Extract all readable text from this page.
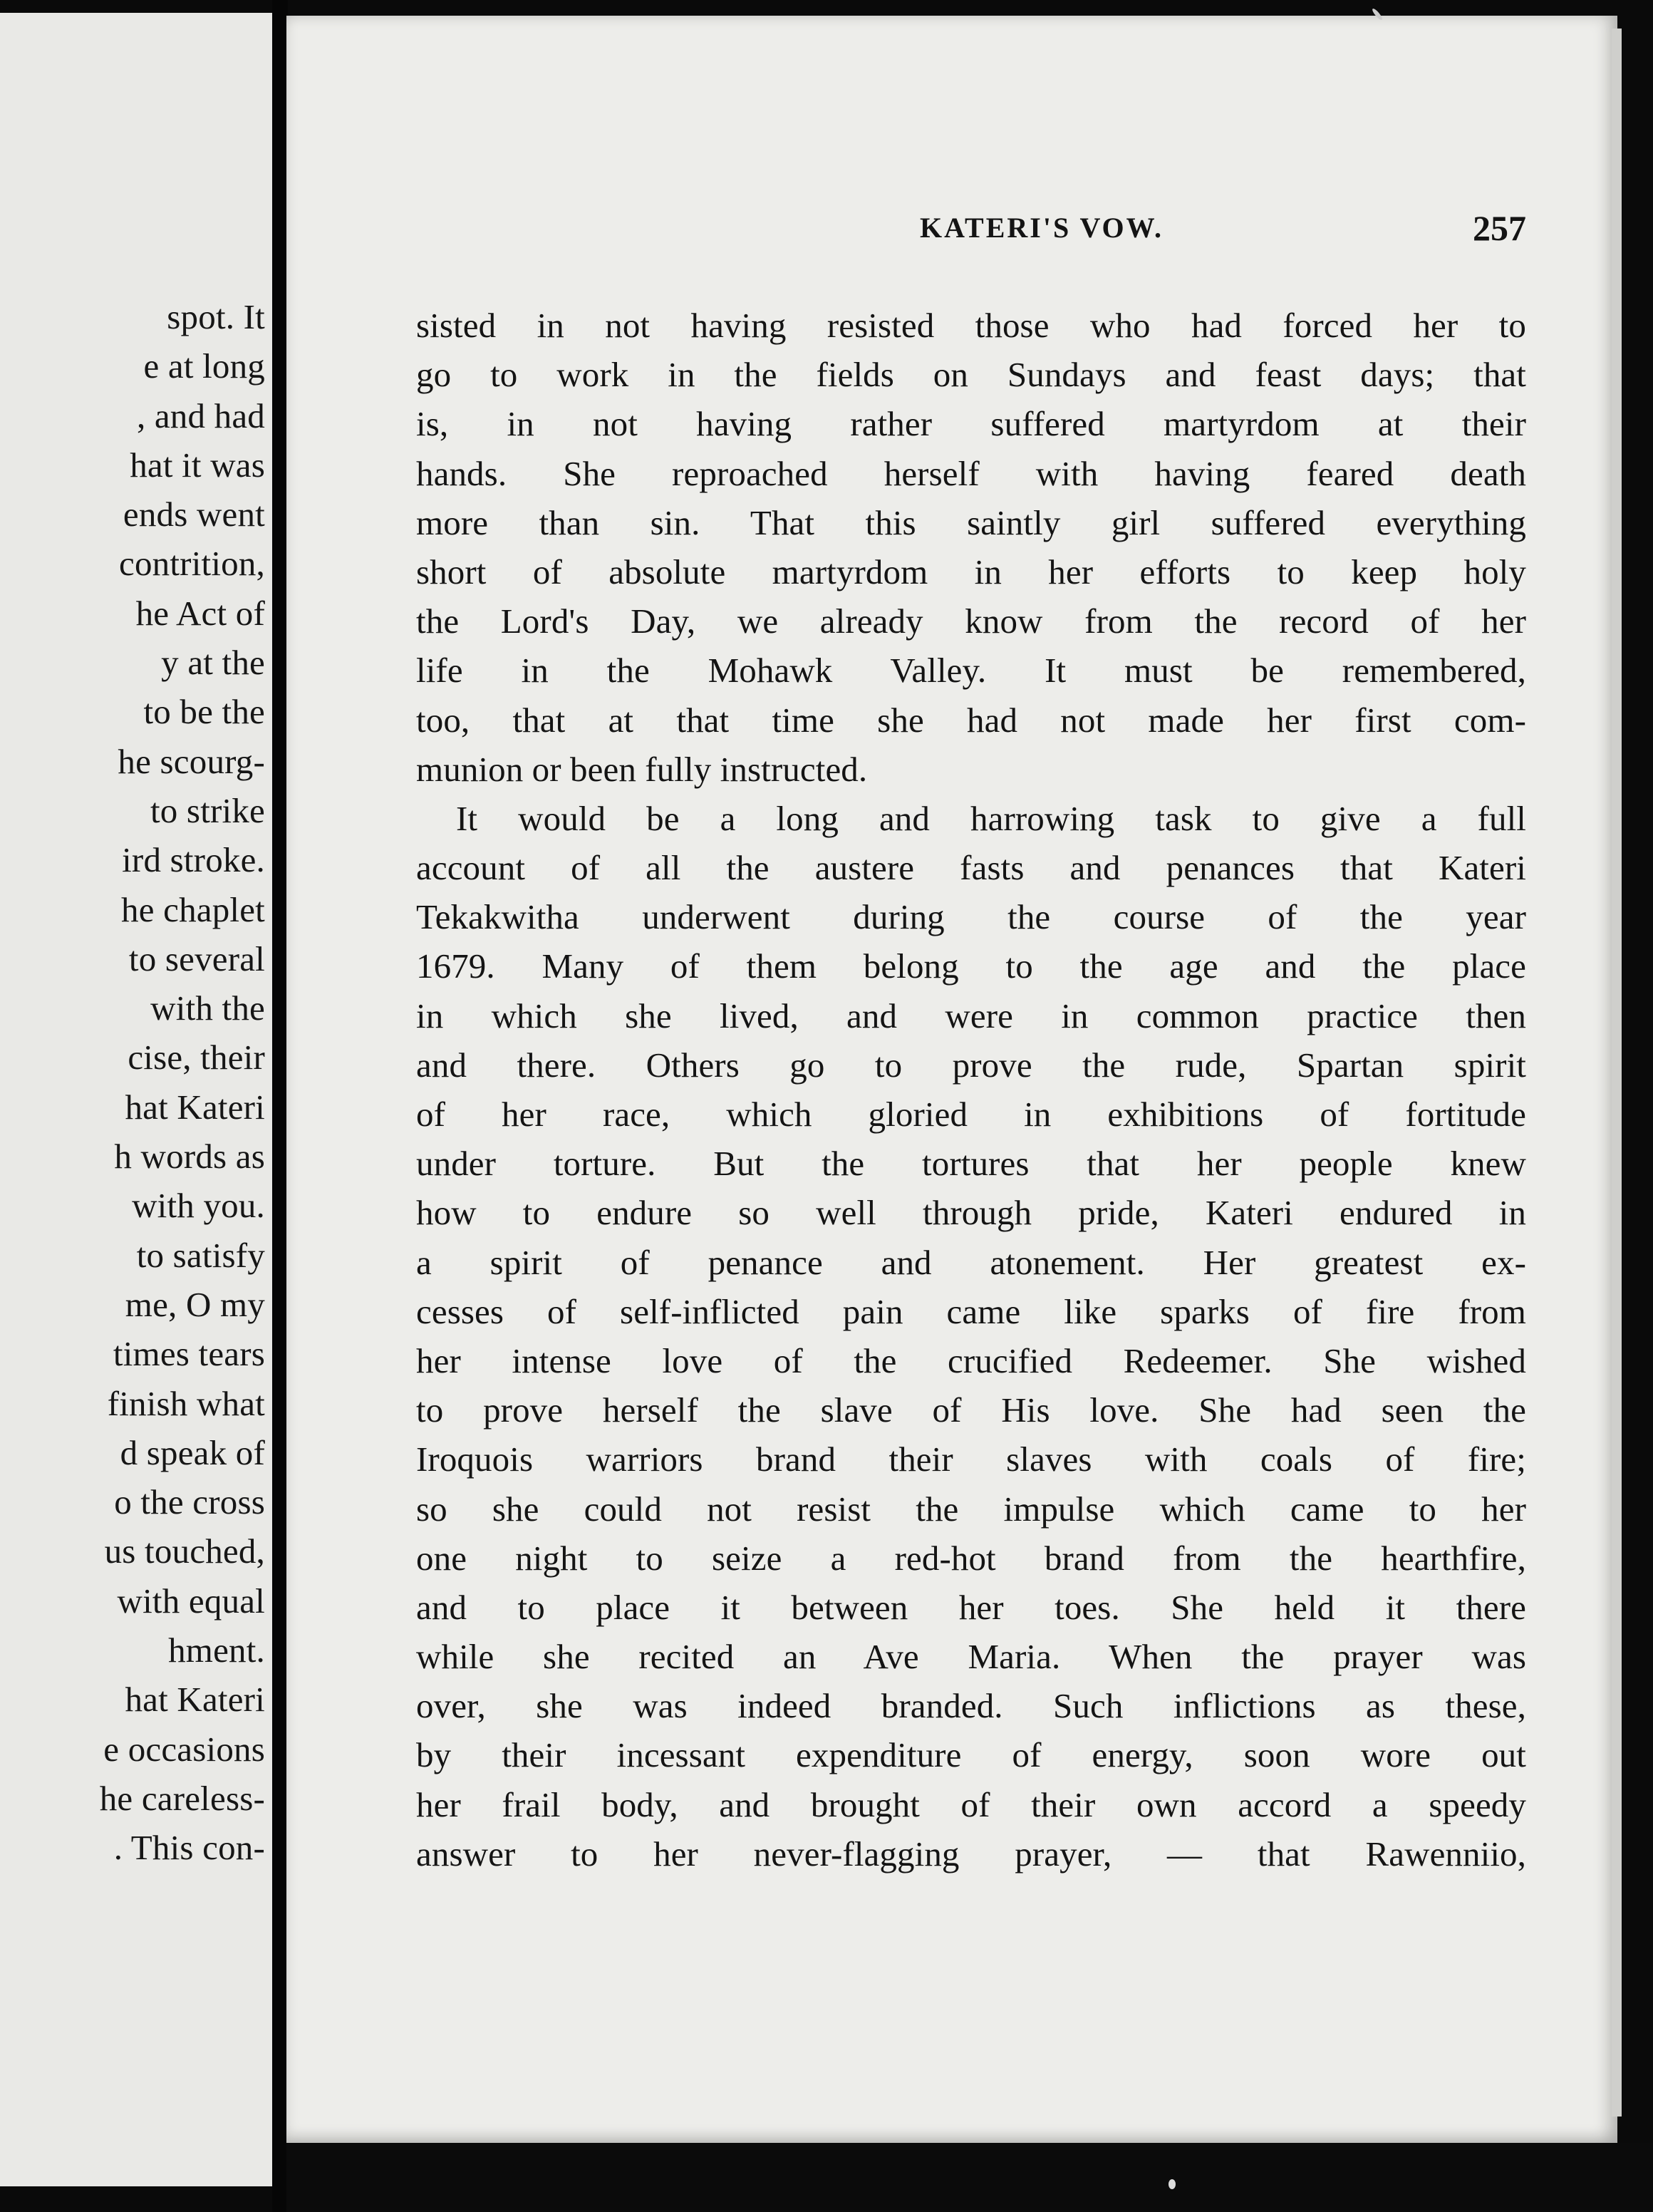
spot. It
e at long
, and had
hat it was
ends went
contrition,
he Act of
y at the
to be the
he scourg-
to strike
ird stroke.
he chaplet
to several
with the
cise, their
hat Kateri
h words as
with you.
to satisfy
me, O my
times tears
finish what
d speak of
o the cross
us touched,
with equal
hment.
hat Kateri
e occasions
he careless-
. This con-
KATERI'S VOW.	257
sisted in not having resisted those who had forced her to
go to work in the fields on Sundays and feast days; that
is, in not having rather suffered martyrdom at their
hands. She reproached herself with having feared death
more than sin. That this saintly girl suffered everything
short of absolute martyrdom in her efforts to keep holy
the Lord's Day, we already know from the record of her
life in the Mohawk Valley. It must be remembered,
too, that at that time she had not made her first com-
munion or been fully instructed.
It would be a long and harrowing task to give a full
account of all the austere fasts and penances that Kateri
Tekakwitha underwent during the course of the year
1679. Many of them belong to the age and the place
in which she lived, and were in common practice then
and there. Others go to prove the rude, Spartan spirit
of her race, which gloried in exhibitions of fortitude
under torture. But the tortures that her people knew
how to endure so well through pride, Kateri endured in
a spirit of penance and atonement. Her greatest ex-
cesses of self-inflicted pain came like sparks of fire from
her intense love of the crucified Redeemer. She wished
to prove herself the slave of His love. She had seen the
Iroquois warriors brand their slaves with coals of fire;
so she could not resist the impulse which came to her
one night to seize a red-hot brand from the hearthfire,
and to place it between her toes. She held it there
while she recited an Ave Maria. When the prayer was
over, she was indeed branded. Such inflictions as these,
by their incessant expenditure of energy, soon wore out
her frail body, and brought of their own accord a speedy
answer to her never-flagging prayer, — that Rawenniio,
